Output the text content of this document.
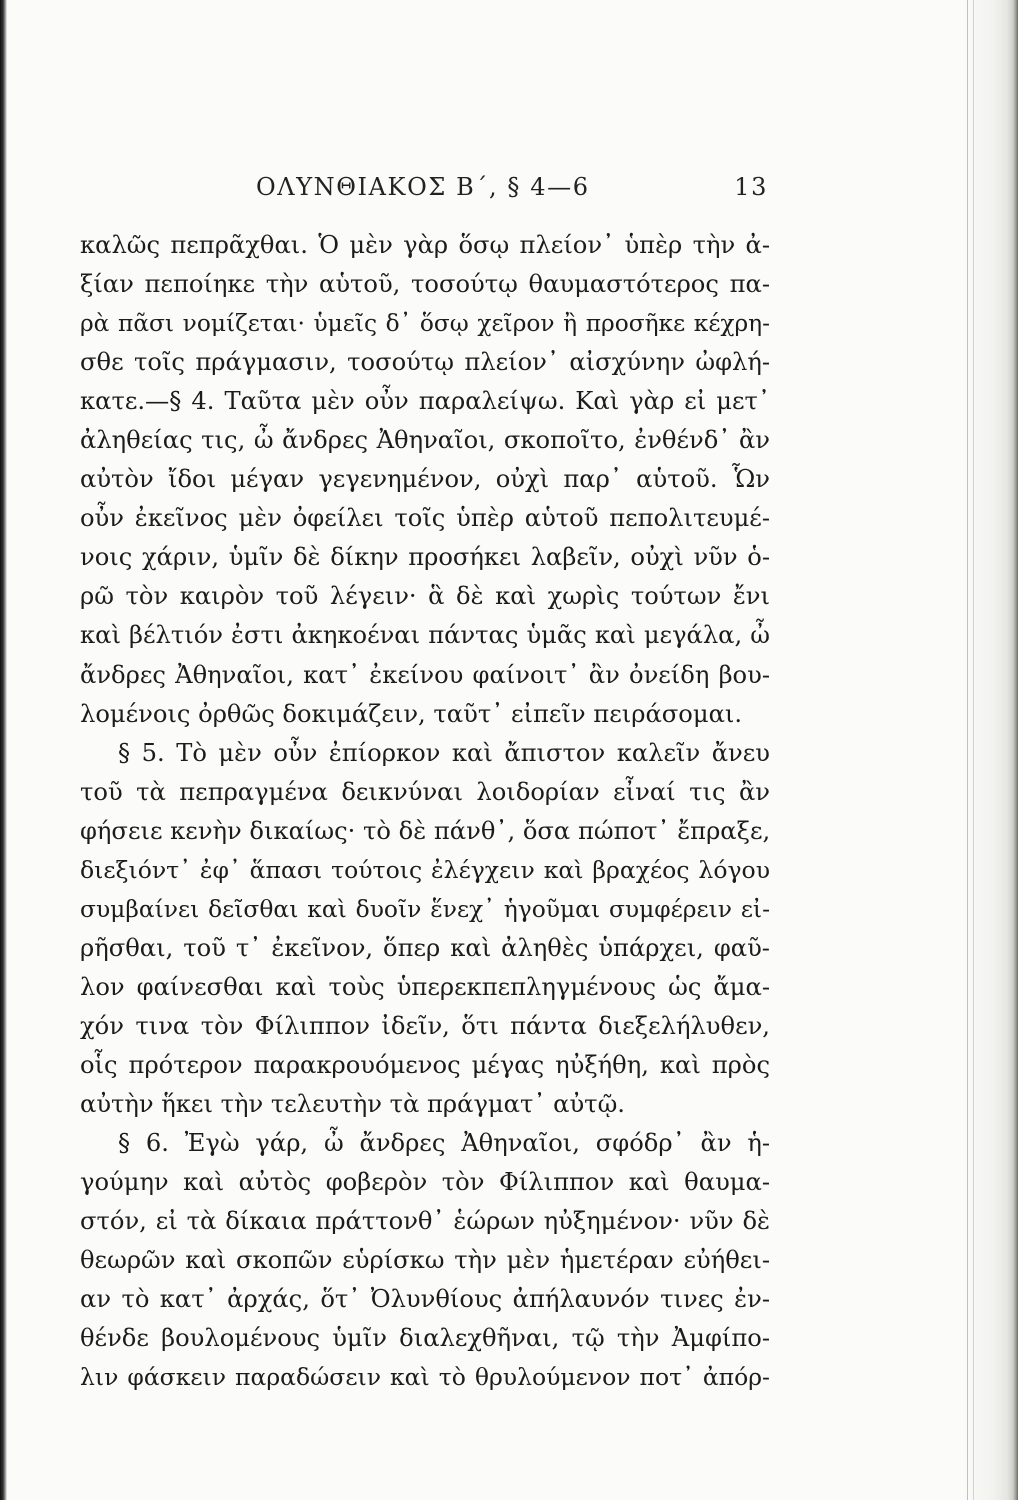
ΟΛΥΝΘΙΑΚΟΣ Β΄, § 4—6	13
καλῶς πεπρᾶχθαι. Ὁ μὲν γὰρ ὅσῳ πλείον᾽ ὑπὲρ τὴν ἀ-
ξίαν πεποίηκε τὴν αὑτοῦ, τοσούτῳ θαυμαστότερος πα-
ρὰ πᾶσι νομίζεται· ὑμεῖς δ᾽ ὅσῳ χεῖρον ἢ προσῆκε κέχρη-
σθε τοῖς πράγμασιν, τοσούτῳ πλείον᾽ αἰσχύνην ὠφλή-
κατε.—§ 4. Ταῦτα μὲν οὖν παραλείψω. Καὶ γὰρ εἰ μετ᾽
ἀληθείας τις, ὦ ἄνδρες Ἀθηναῖοι, σκοποῖτο, ἐνθένδ᾽ ἂν
αὐτὸν ἴδοι μέγαν γεγενημένον, οὐχὶ παρ᾽ αὑτοῦ. Ὧν
οὖν ἐκεῖνος μὲν ὀφείλει τοῖς ὑπὲρ αὑτοῦ πεπολιτευμέ-
νοις χάριν, ὑμῖν δὲ δίκην προσήκει λαβεῖν, οὐχὶ νῦν ὁ-
ρῶ τὸν καιρὸν τοῦ λέγειν· ἃ δὲ καὶ χωρὶς τούτων ἔνι
καὶ βέλτιόν ἐστι ἀκηκοέναι πάντας ὑμᾶς καὶ μεγάλα, ὦ
ἄνδρες Ἀθηναῖοι, κατ᾽ ἐκείνου φαίνοιτ᾽ ἂν ὀνείδη βου-
λομένοις ὀρθῶς δοκιμάζειν, ταῦτ᾽ εἰπεῖν πειράσομαι.
§ 5. Τὸ μὲν οὖν ἐπίορκον καὶ ἄπιστον καλεῖν ἄνευ
τοῦ τὰ πεπραγμένα δεικνύναι λοιδορίαν εἶναί τις ἂν
φήσειε κενὴν δικαίως· τὸ δὲ πάνθ᾽, ὅσα πώποτ᾽ ἔπραξε,
διεξιόντ᾽ ἐφ᾽ ἅπασι τούτοις ἐλέγχειν καὶ βραχέος λόγου
συμβαίνει δεῖσθαι καὶ δυοῖν ἕνεχ᾽ ἡγοῦμαι συμφέρειν εἰ-
ρῆσθαι, τοῦ τ᾽ ἐκεῖνον, ὅπερ καὶ ἀληθὲς ὑπάρχει, φαῦ-
λον φαίνεσθαι καὶ τοὺς ὑπερεκπεπληγμένους ὡς ἄμα-
χόν τινα τὸν Φίλιππον ἰδεῖν, ὅτι πάντα διεξελήλυθεν,
οἷς πρότερον παρακρουόμενος μέγας ηὐξήθη, καὶ πρὸς
αὐτὴν ἥκει τὴν τελευτὴν τὰ πράγματ᾽ αὐτῷ.
§ 6. Ἐγὼ γάρ, ὦ ἄνδρες Ἀθηναῖοι, σφόδρ᾽ ἂν ἡ-
γούμην καὶ αὐτὸς φοβερὸν τὸν Φίλιππον καὶ θαυμα-
στόν, εἰ τὰ δίκαια πράττονθ᾽ ἑώρων ηὐξημένον· νῦν δὲ
θεωρῶν καὶ σκοπῶν εὑρίσκω τὴν μὲν ἡμετέραν εὐήθει-
αν τὸ κατ᾽ ἀρχάς, ὅτ᾽ Ὀλυνθίους ἀπήλαυνόν τινες ἐν-
θένδε βουλομένους ὑμῖν διαλεχθῆναι, τῷ τὴν Ἀμφίπο-
λιν φάσκειν παραδώσειν καὶ τὸ θρυλούμενον ποτ᾽ ἀπόρ-
